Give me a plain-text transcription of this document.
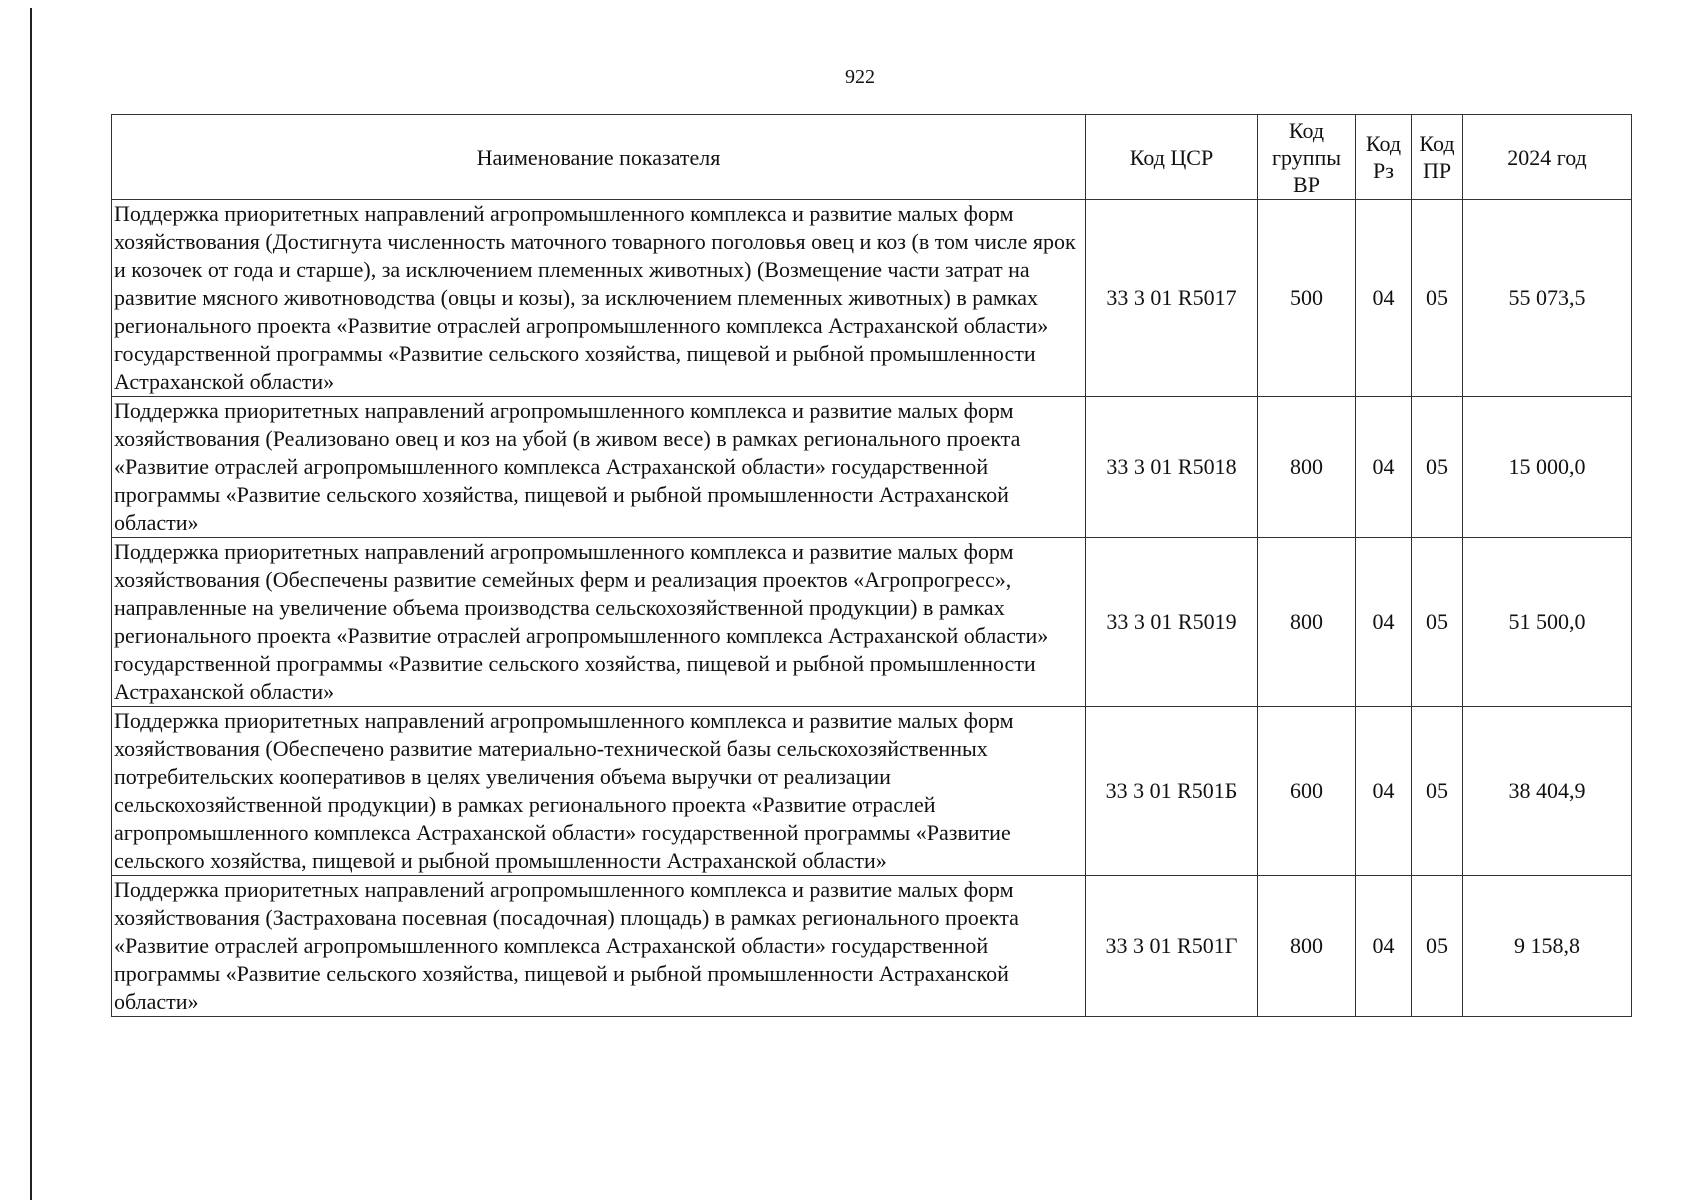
922
Наименование показателя	Код ЦСР	Код группы ВР	Код Рз	Код ПР	2024 год
Поддержка приоритетных направлений агропромышленного комплекса и развитие малых форм хозяйствования (Достигнута численность маточного товарного поголовья овец и коз (в том числе ярок и козочек от года и старше), за исключением племенных животных) (Возмещение части затрат на развитие мясного животноводства (овцы и козы), за исключением племенных животных) в рамках регионального проекта «Развитие отраслей агропромышленного комплекса Астраханской области» государственной программы «Развитие сельского хозяйства, пищевой и рыбной промышленности Астраханской области»	33 3 01 R5017	500	04	05	55 073,5
Поддержка приоритетных направлений агропромышленного комплекса и развитие малых форм хозяйствования (Реализовано овец и коз на убой (в живом весе) в рамках регионального проекта «Развитие отраслей агропромышленного комплекса Астраханской области» государственной программы «Развитие сельского хозяйства, пищевой и рыбной промышленности Астраханской области»	33 3 01 R5018	800	04	05	15 000,0
Поддержка приоритетных направлений агропромышленного комплекса и развитие малых форм хозяйствования (Обеспечены развитие семейных ферм и реализация проектов «Агропрогресс», направленные на увеличение объема производства сельскохозяйственной продукции) в рамках регионального проекта «Развитие отраслей агропромышленного комплекса Астраханской области» государственной программы «Развитие сельского хозяйства, пищевой и рыбной промышленности Астраханской области»	33 3 01 R5019	800	04	05	51 500,0
Поддержка приоритетных направлений агропромышленного комплекса и развитие малых форм хозяйствования (Обеспечено развитие материально-технической базы сельскохозяйственных потребительских кооперативов в целях увеличения объема выручки от реализации сельскохозяйственной продукции) в рамках регионального проекта «Развитие отраслей агропромышленного комплекса Астраханской области» государственной программы «Развитие сельского хозяйства, пищевой и рыбной промышленности Астраханской области»	33 3 01 R501Б	600	04	05	38 404,9
Поддержка приоритетных направлений агропромышленного комплекса и развитие малых форм хозяйствования (Застрахована посевная (посадочная) площадь) в рамках регионального проекта «Развитие отраслей агропромышленного комплекса Астраханской области» государственной программы «Развитие сельского хозяйства, пищевой и рыбной промышленности Астраханской области»	33 3 01 R501Г	800	04	05	9 158,8
